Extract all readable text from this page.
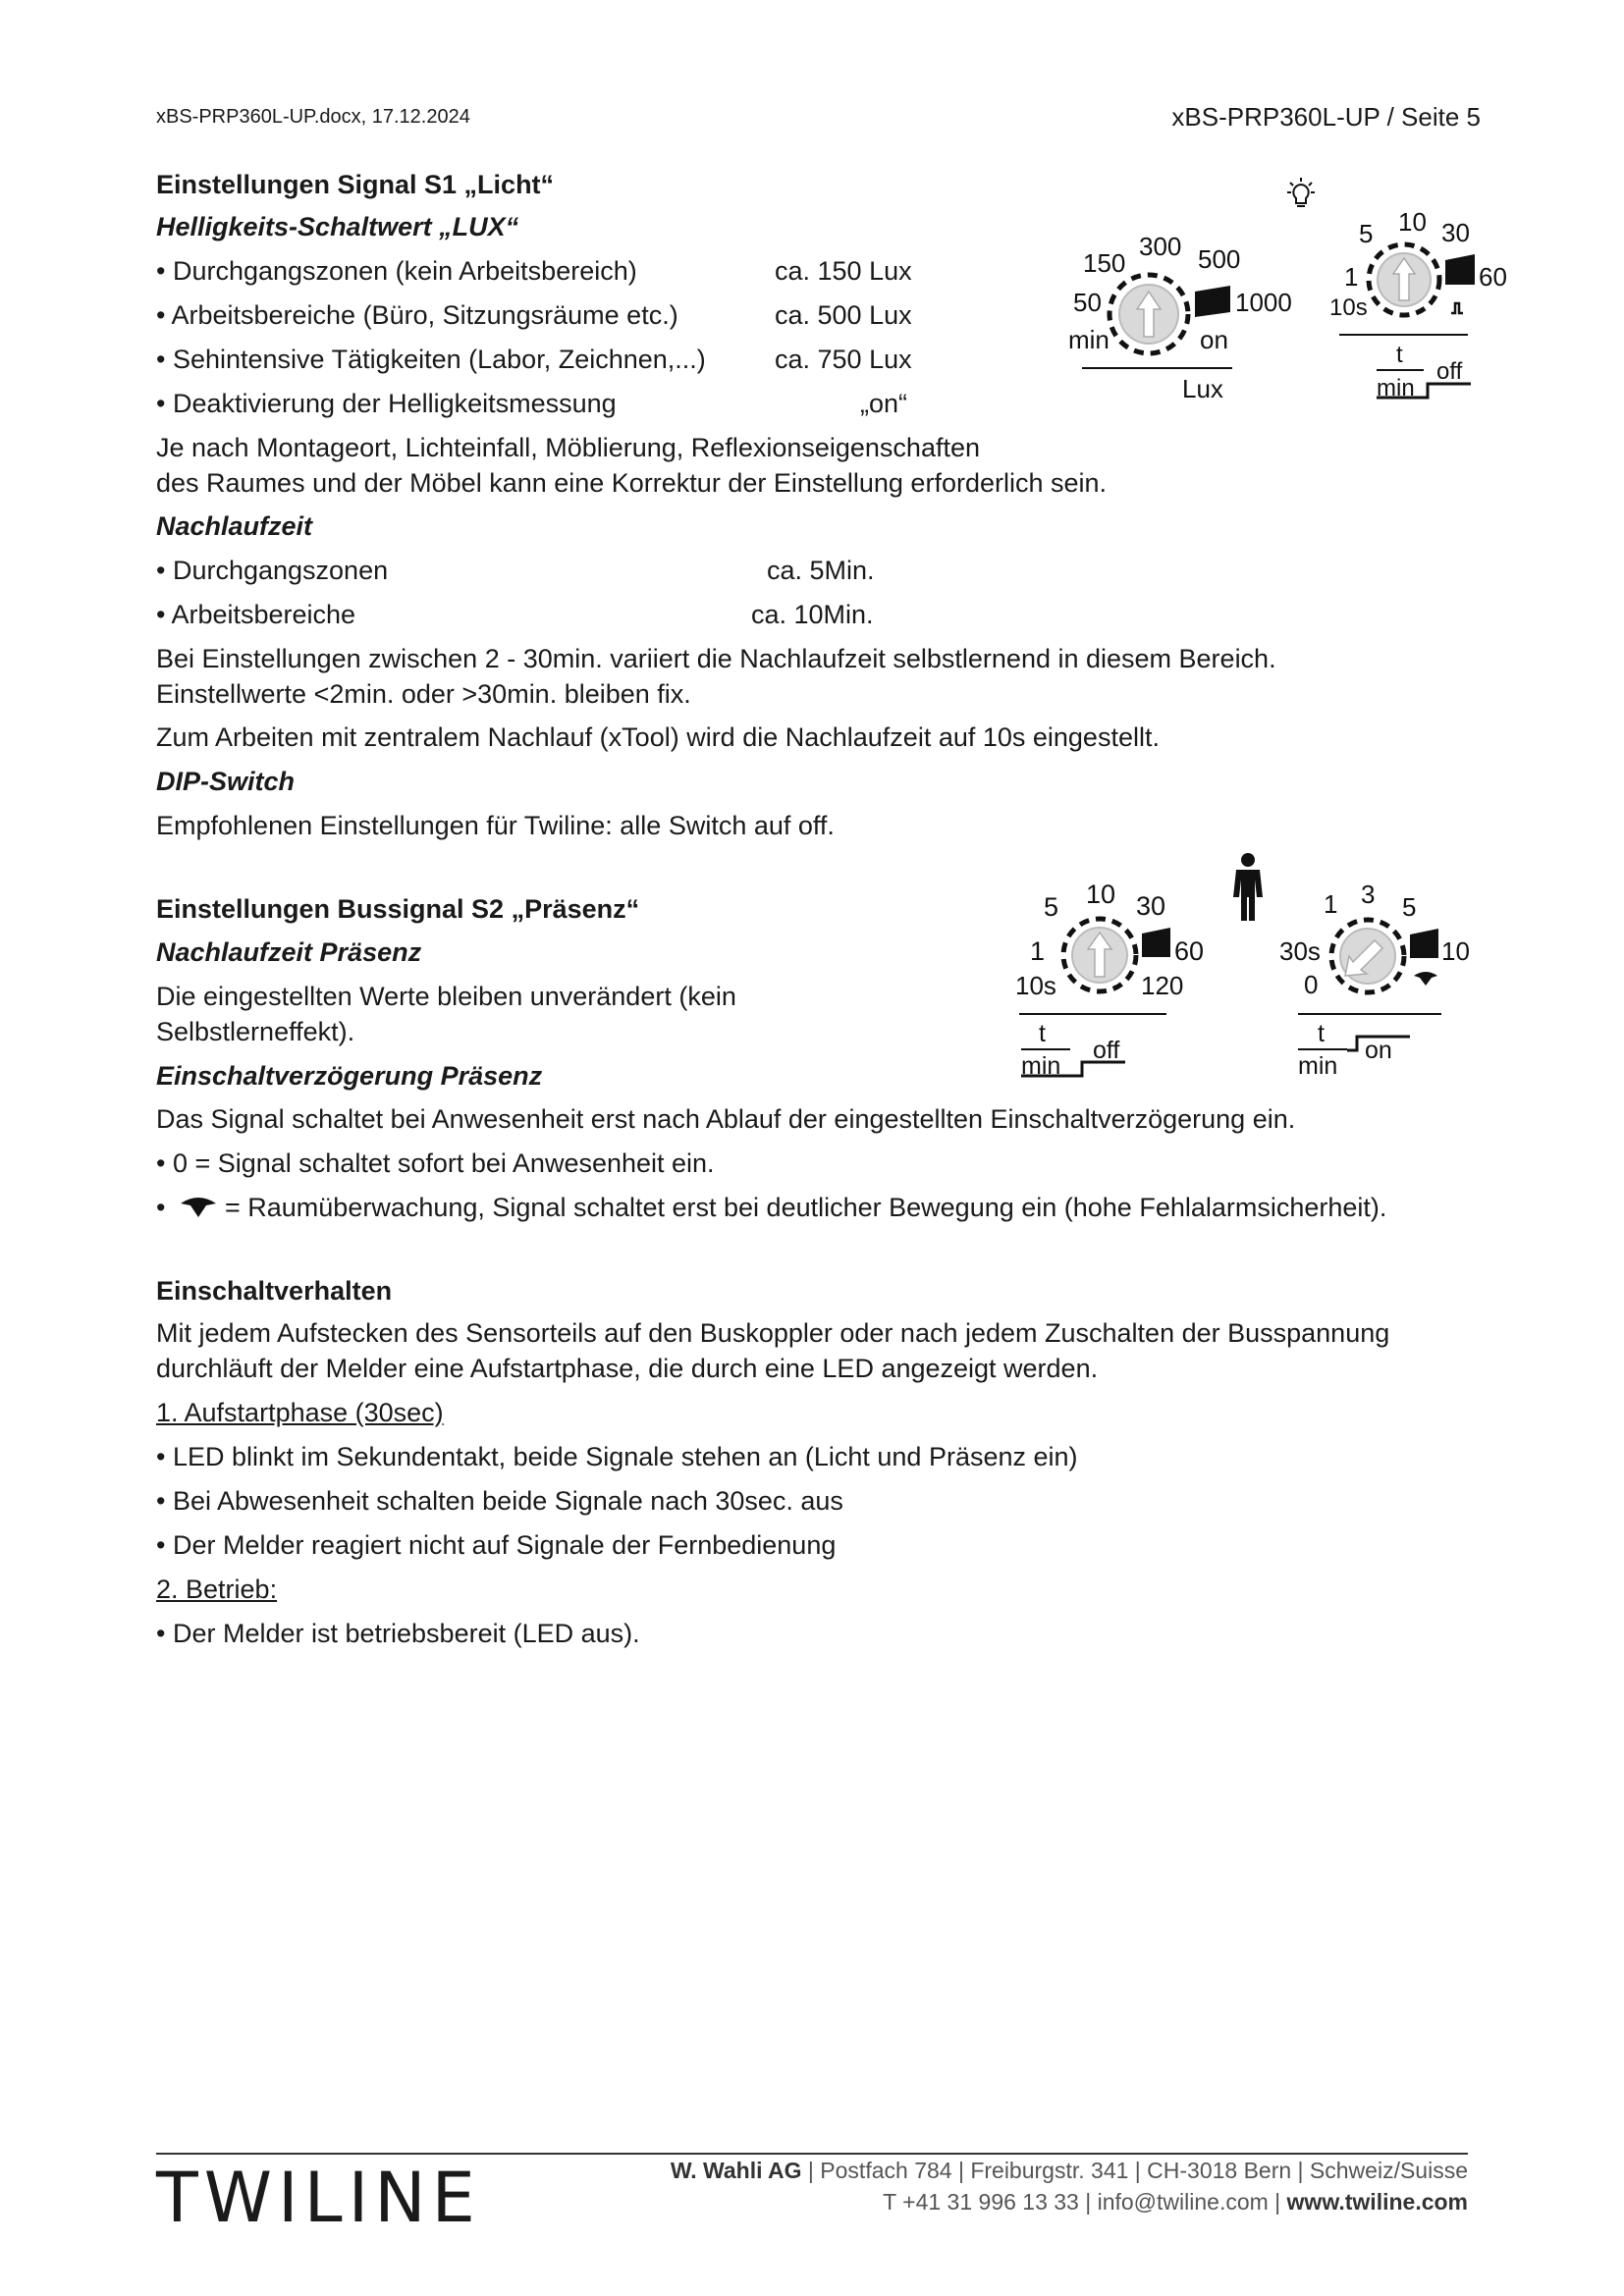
xBS-PRP360L-UP.docx, 17.12.2024	xBS-PRP360L-UP / Seite 5
Einstellungen Signal S1 „Licht“
Helligkeits-Schaltwert „LUX“
• Durchgangszonen (kein Arbeitsbereich)	ca. 150 Lux
• Arbeitsbereiche (Büro, Sitzungsräume etc.)	ca. 500 Lux
• Sehintensive Tätigkeiten (Labor, Zeichnen,...)	ca. 750 Lux
• Deaktivierung der Helligkeitsmessung	„on“
Je nach Montageort, Lichteinfall, Möblierung, Reflexionseigenschaften
des Raumes und der Möbel kann eine Korrektur der Einstellung erforderlich sein.
Nachlaufzeit
• Durchgangszonen	ca. 5Min.
• Arbeitsbereiche	ca. 10Min.
Bei Einstellungen zwischen 2 - 30min. variiert die Nachlaufzeit selbstlernend in diesem Bereich.
Einstellwerte <2min. oder >30min. bleiben fix.
Zum Arbeiten mit zentralem Nachlauf (xTool) wird die Nachlaufzeit auf 10s eingestellt.
DIP-Switch
Empfohlenen Einstellungen für Twiline: alle Switch auf off.
150
300 500
50	1000
min	on
Lux
5 10 30
1	60
10s
t
min
off
Einstellungen Bussignal S2 „Präsenz“
Nachlaufzeit Präsenz
Die eingestellten Werte bleiben unverändert (kein
Selbstlerneffekt).
Einschaltverzögerung Präsenz
Das Signal schaltet bei Anwesenheit erst nach Ablauf der eingestellten Einschaltverzögerung ein.
• 0 = Signal schaltet sofort bei Anwesenheit ein.
• = Raumüberwachung, Signal schaltet erst bei deutlicher Bewegung ein (hohe Fehlalarmsicherheit).
5 10 30
1	60
10s	120
t
min
off
1 3 5
30s	10
0
t
min
on
Einschaltverhalten
Mit jedem Aufstecken des Sensorteils auf den Buskoppler oder nach jedem Zuschalten der Busspannung
durchläuft der Melder eine Aufstartphase, die durch eine LED angezeigt werden.
1. Aufstartphase (30sec)
• LED blinkt im Sekundentakt, beide Signale stehen an (Licht und Präsenz ein)
• Bei Abwesenheit schalten beide Signale nach 30sec. aus
• Der Melder reagiert nicht auf Signale der Fernbedienung
2. Betrieb:
• Der Melder ist betriebsbereit (LED aus).
TWILINE	W. Wahli AG | Postfach 784 | Freiburgstr. 341 | CH-3018 Bern | Schweiz/Suisse
T +41 31 996 13 33 | info@twiline.com | www.twiline.com
